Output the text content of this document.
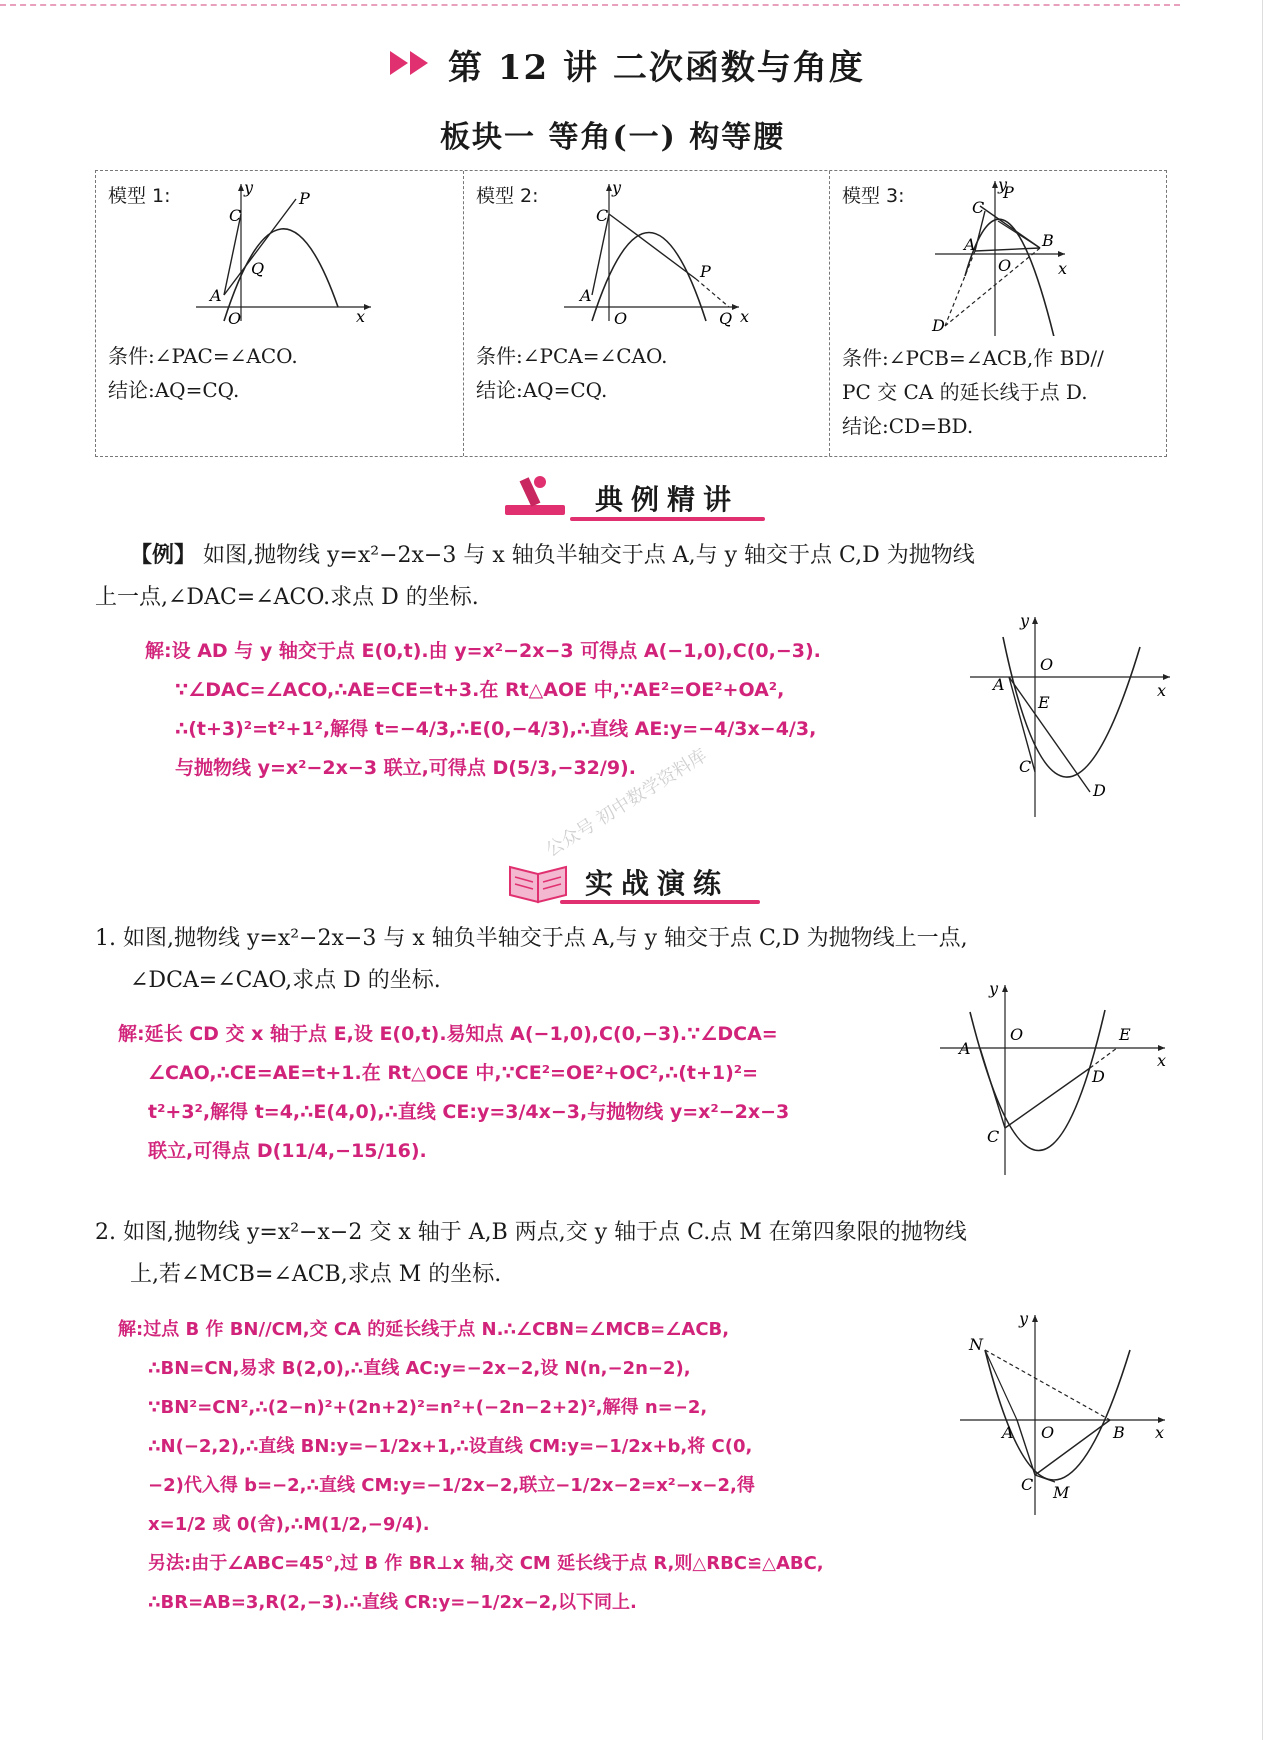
第 12 讲 二次函数与角度
板块一 等角(一) 构等腰
模型 1:	y
x
C
P
Q
A
O
条件:∠PAC=∠ACO.
结论:AQ=CQ.
模型 2:	y
x
C
P
Q
A
O
条件:∠PCA=∠CAO.
结论:AQ=CQ.
模型 3:
y
x
C
P
B
A
O
D
条件:∠PCB=∠ACB,作 BD//
PC 交 CA 的延长线于点 D.
结论:CD=BD.
典例精讲
【例】 如图,抛物线 y=x²−2x−3 与 x 轴负半轴交于点 A,与 y 轴交于点 C,D 为抛物线
上一点,∠DAC=∠ACO.求点 D 的坐标.
解:设 AD 与 y 轴交于点 E(0,t).由 y=x²−2x−3 可得点 A(−1,0),C(0,−3).
∵∠DAC=∠ACO,∴AE=CE=t+3.在 Rt△AOE 中,∵AE²=OE²+OA²,
∴(t+3)²=t²+1²,解得 t=−4/3,∴E(0,−4/3),∴直线 AE:y=−4/3x−4/3,
与抛物线 y=x²−2x−3 联立,可得点 D(5/3,−32/9).
y
x
O
A
E
C
D
实战演练
公众号 初中数学资料库
1. 如图,抛物线 y=x²−2x−3 与 x 轴负半轴交于点 A,与 y 轴交于点 C,D 为抛物线上一点,
∠DCA=∠CAO,求点 D 的坐标.
解:延长 CD 交 x 轴于点 E,设 E(0,t).易知点 A(−1,0),C(0,−3).∵∠DCA=
∠CAO,∴CE=AE=t+1.在 Rt△OCE 中,∵CE²=OE²+OC²,∴(t+1)²=
t²+3²,解得 t=4,∴E(4,0),∴直线 CE:y=3/4x−3,与抛物线 y=x²−2x−3
联立,可得点 D(11/4,−15/16).
y
x
O
A
E
D
C
2. 如图,抛物线 y=x²−x−2 交 x 轴于 A,B 两点,交 y 轴于点 C.点 M 在第四象限的抛物线
上,若∠MCB=∠ACB,求点 M 的坐标.
解:过点 B 作 BN//CM,交 CA 的延长线于点 N.∴∠CBN=∠MCB=∠ACB,
∴BN=CN,易求 B(2,0),∴直线 AC:y=−2x−2,设 N(n,−2n−2),
∵BN²=CN²,∴(2−n)²+(2n+2)²=n²+(−2n−2+2)²,解得 n=−2,
∴N(−2,2),∴直线 BN:y=−1/2x+1,∴设直线 CM:y=−1/2x+b,将 C(0,
−2)代入得 b=−2,∴直线 CM:y=−1/2x−2,联立−1/2x−2=x²−x−2,得
x=1/2 或 0(舍),∴M(1/2,−9/4).
另法:由于∠ABC=45°,过 B 作 BR⊥x 轴,交 CM 延长线于点 R,则△RBC≌△ABC,
∴BR=AB=3,R(2,−3).∴直线 CR:y=−1/2x−2,以下同上.
y
x
O
A	B
N
C M
